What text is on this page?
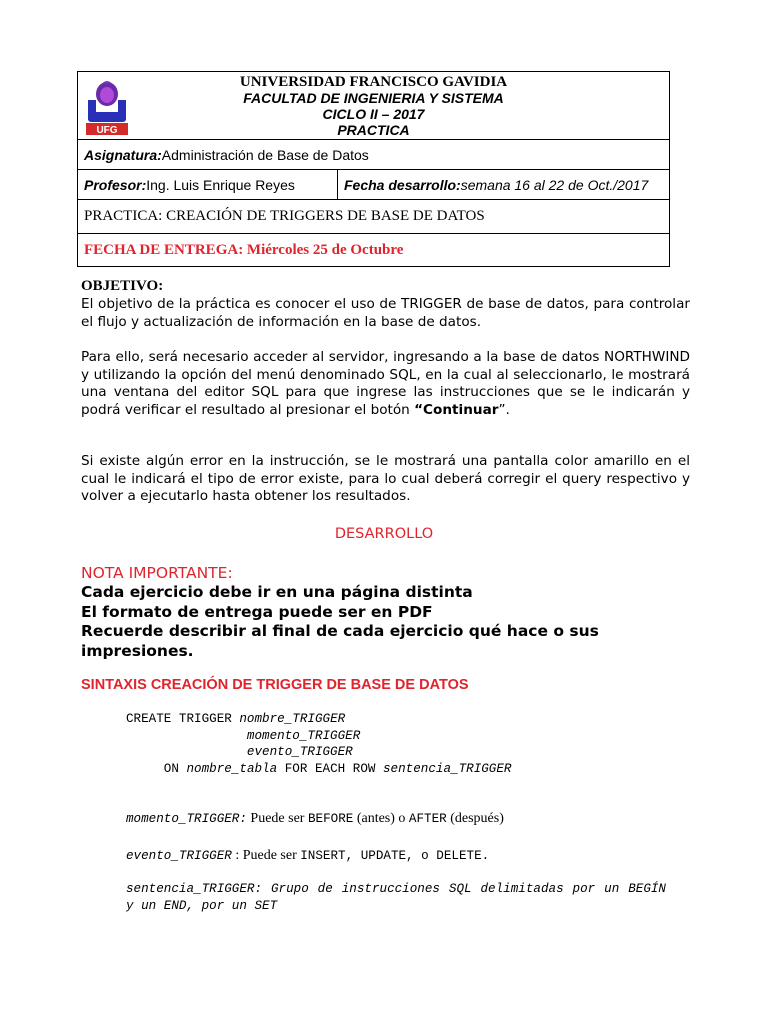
UFG
UNIVERSIDAD FRANCISCO GAVIDIA
FACULTAD DE INGENIERIA Y SISTEMA
CICLO II – 2017
PRACTICA
Asignatura: Administración de Base de Datos
Profesor: Ing. Luis Enrique Reyes	Fecha desarrollo: semana 16 al 22 de Oct./2017
PRACTICA: CREACIÓN DE TRIGGERS DE BASE DE DATOS
FECHA DE ENTREGA: Miércoles 25 de Octubre
OBJETIVO:
El objetivo de la práctica es conocer el uso de TRIGGER de base de datos, para controlar el flujo y actualización de información en la base de datos.
Para ello, será necesario acceder al servidor, ingresando a la base de datos NORTHWIND y utilizando la opción del menú denominado SQL, en la cual al seleccionarlo, le mostrará una ventana del editor SQL para que ingrese las instrucciones que se le indicarán y podrá verificar el resultado al presionar el botón “Continuar”.
Si existe algún error en la instrucción, se le mostrará una pantalla color amarillo en el cual le indicará el tipo de error existe, para lo cual deberá corregir el query respectivo y volver a ejecutarlo hasta obtener los resultados.
DESARROLLO
NOTA IMPORTANTE:
Cada ejercicio debe ir en una página distinta
El formato de entrega puede ser en PDF
Recuerde describir al final de cada ejercicio qué hace o sus impresiones.
SINTAXIS CREACIÓN DE TRIGGER DE BASE DE DATOS
CREATE TRIGGER nombre_TRIGGER
momento_TRIGGER
evento_TRIGGER
ON nombre_tabla FOR EACH ROW sentencia_TRIGGER
momento_TRIGGER: Puede ser BEFORE (antes) o AFTER (después)
evento_TRIGGER : Puede ser INSERT, UPDATE, o DELETE.
sentencia_TRIGGER: Grupo de instrucciones SQL delimitadas por un BEGÍN y un END, por un SET
